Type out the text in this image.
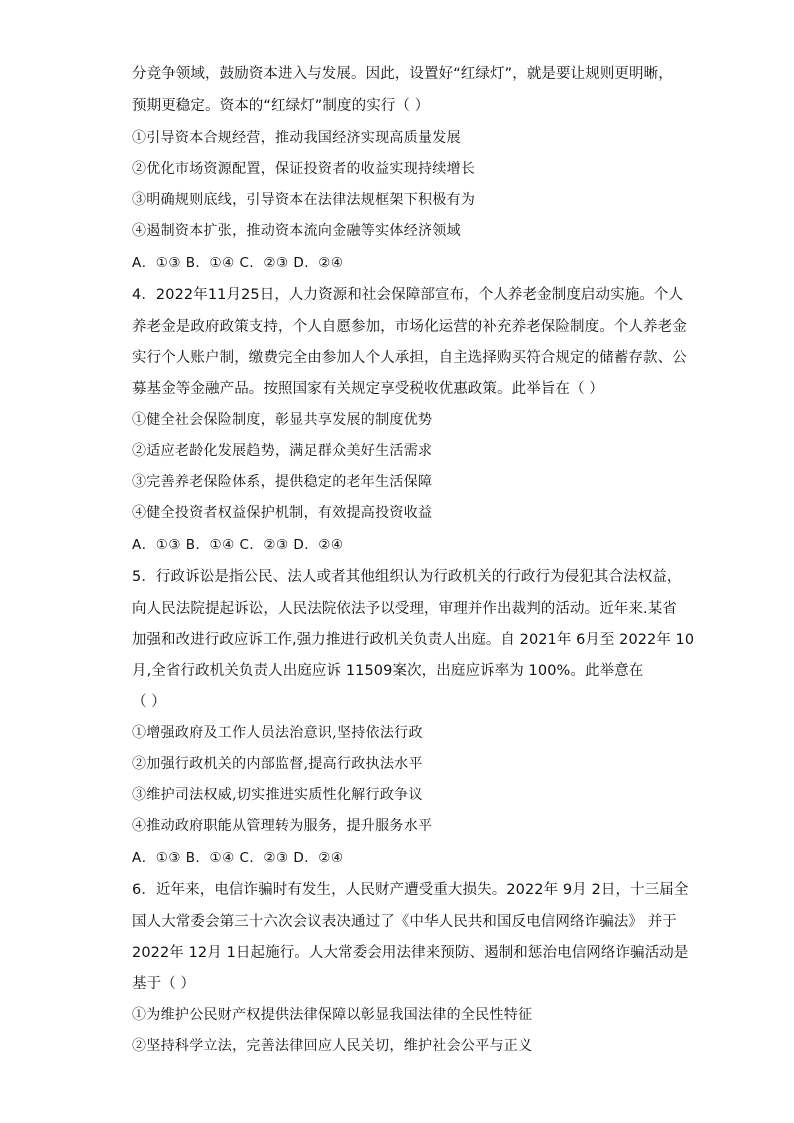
分竞争领域，鼓励资本进入与发展。因此，设置好“红绿灯”，就是要让规则更明晰，
预期更稳定。资本的“红绿灯”制度的实行（ ）
①引导资本合规经营，推动我国经济实现高质量发展
②优化市场资源配置，保证投资者的收益实现持续增长
③明确规则底线，引导资本在法律法规框架下积极有为
④遏制资本扩张，推动资本流向金融等实体经济领域
A．①③ B．①④ C．②③ D．②④
4．2022年11月25日，人力资源和社会保障部宣布，个人养老金制度启动实施。个人
养老金是政府政策支持，个人自愿参加，市场化运营的补充养老保险制度。个人养老金
实行个人账户制，缴费完全由参加人个人承担，自主选择购买符合规定的储蓄存款、公
募基金等金融产品。按照国家有关规定享受税收优惠政策。此举旨在（ ）
①健全社会保险制度，彰显共享发展的制度优势
②适应老龄化发展趋势，满足群众美好生活需求
③完善养老保险体系，提供稳定的老年生活保障
④健全投资者权益保护机制，有效提高投资收益
A．①③ B．①④ C．②③ D．②④
5．行政诉讼是指公民、法人或者其他组织认为行政机关的行政行为侵犯其合法权益，
向人民法院提起诉讼，人民法院依法予以受理，审理并作出裁判的活动。近年来.某省
加强和改进行政应诉工作,强力推进行政机关负责人出庭。自 2021年 6月至 2022年 10
月,全省行政机关负责人出庭应诉 11509案次，出庭应诉率为 100%。此举意在
（ ）
①增强政府及工作人员法治意识,坚持依法行政
②加强行政机关的内部监督,提高行政执法水平
③维护司法权威,切实推进实质性化解行政争议
④推动政府职能从管理转为服务，提升服务水平
A．①③ B．①④ C．②③ D．②④
6．近年来，电信诈骗时有发生，人民财产遭受重大损失。2022年 9月 2日，十三届全
国人大常委会第三十六次会议表决通过了《中华人民共和国反电信网络诈骗法》 并于
2022年 12月 1日起施行。人大常委会用法律来预防、遏制和惩治电信网络诈骗活动是
基于（ ）
①为维护公民财产权提供法律保障以彰显我国法律的全民性特征
②坚持科学立法，完善法律回应人民关切，维护社会公平与正义
